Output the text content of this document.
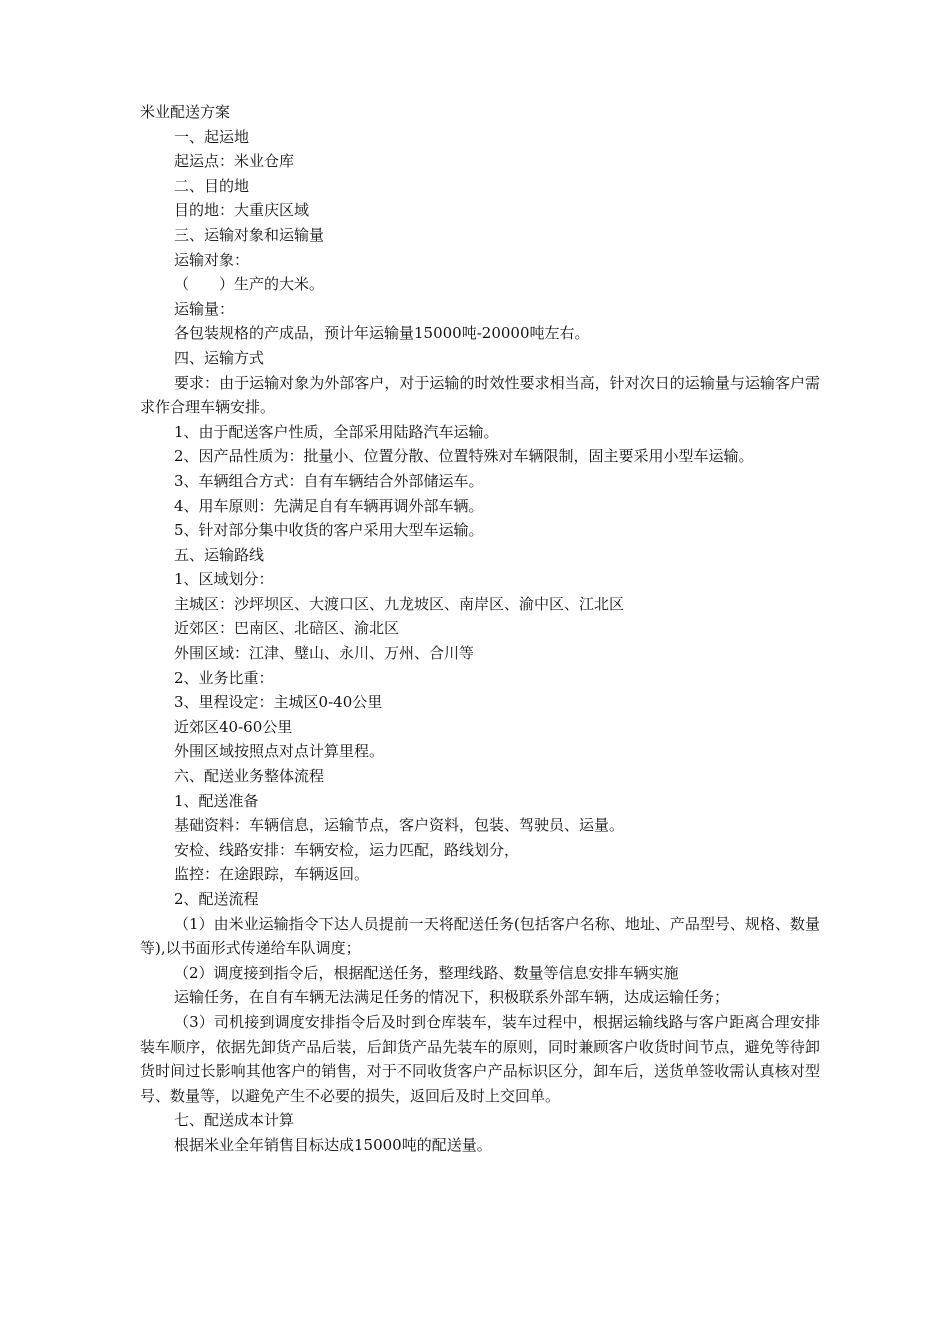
米业配送方案
一、起运地
起运点：米业仓库
二、目的地
目的地：大重庆区域
三、运输对象和运输量
运输对象：
（　　）生产的大米。
运输量：
各包装规格的产成品，预计年运输量15000吨-20000吨左右。
四、运输方式
要求：由于运输对象为外部客户，对于运输的时效性要求相当高，针对次日的运输量与运输客户需求作合理车辆安排。
1、由于配送客户性质，全部采用陆路汽车运输。
2、因产品性质为：批量小、位置分散、位置特殊对车辆限制，固主要采用小型车运输。
3、车辆组合方式：自有车辆结合外部储运车。
4、用车原则：先满足自有车辆再调外部车辆。
5、针对部分集中收货的客户采用大型车运输。
五、运输路线
1、区域划分：
主城区：沙坪坝区、大渡口区、九龙坡区、南岸区、渝中区、江北区
近郊区：巴南区、北碚区、渝北区
外围区域：江津、璧山、永川、万州、合川等
2、业务比重：
3、里程设定：主城区0-40公里
近郊区40-60公里
外围区域按照点对点计算里程。
六、配送业务整体流程
1、配送准备
基础资料：车辆信息，运输节点，客户资料，包装、驾驶员、运量。
安检、线路安排：车辆安检，运力匹配，路线划分，
监控：在途跟踪，车辆返回。
2、配送流程
（1）由米业运输指令下达人员提前一天将配送任务(包括客户名称、地址、产品型号、规格、数量等),以书面形式传递给车队调度；
（2）调度接到指令后，根据配送任务，整理线路、数量等信息安排车辆实施
运输任务，在自有车辆无法满足任务的情况下，积极联系外部车辆，达成运输任务；
（3）司机接到调度安排指令后及时到仓库装车，装车过程中，根据运输线路与客户距离合理安排装车顺序，依据先卸货产品后装，后卸货产品先装车的原则，同时兼顾客户收货时间节点，避免等待卸货时间过长影响其他客户的销售，对于不同收货客户产品标识区分，卸车后，送货单签收需认真核对型号、数量等，以避免产生不必要的损失，返回后及时上交回单。
七、配送成本计算
根据米业全年销售目标达成15000吨的配送量。
